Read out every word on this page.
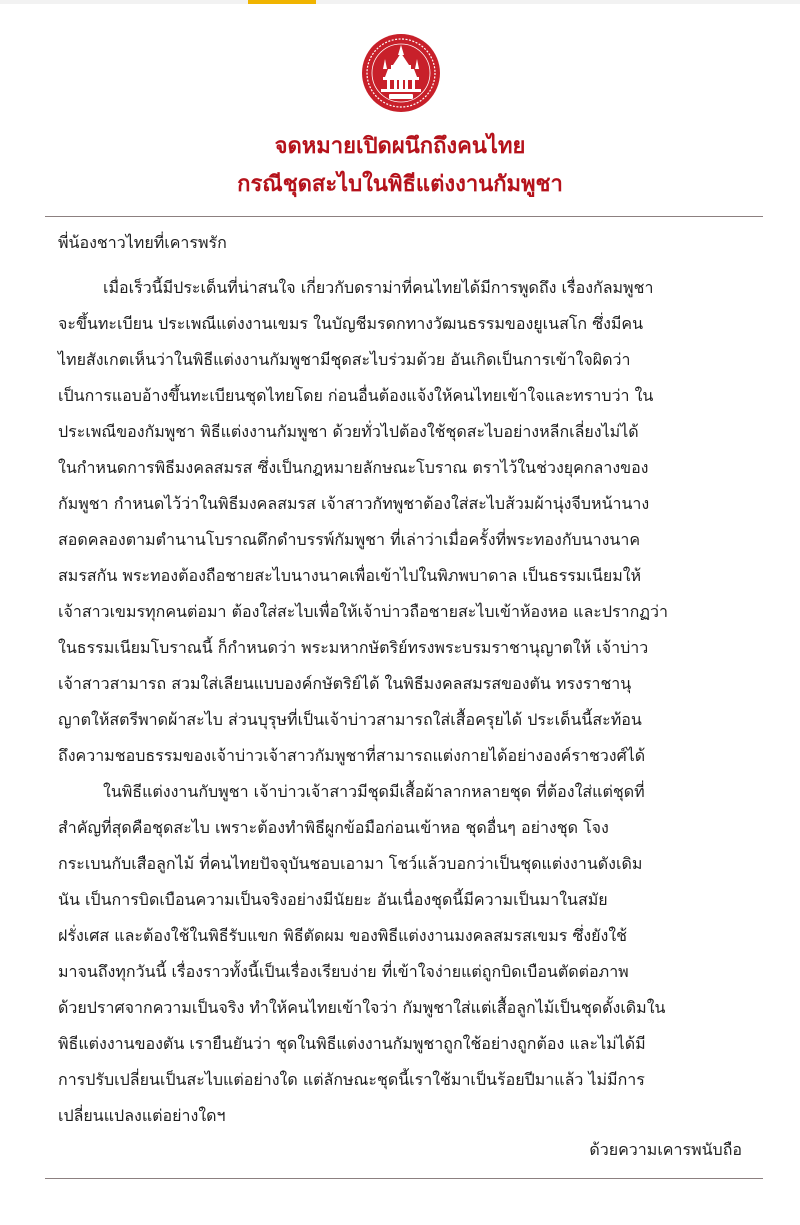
จดหมายเปิดผนึกถึงคนไทย
กรณีชุดสะไบในพิธีแต่งงานกัมพูชา
พี่น้องชาวไทยที่เคารพรัก
เมื่อเร็วนี้มีประเด็นที่น่าสนใจ เกี่ยวกับดราม่าที่คนไทยได้มีการพูดถึง เรื่องกัลมพูชา
จะขึ้นทะเบียน ประเพณีแต่งงานเขมร ในบัญชีมรดกทางวัฒนธรรมของยูเนสโก ซึ่งมีคน
ไทยสังเกตเห็นว่าในพิธีแต่งงานกัมพูชามีชุดสะไบร่วมด้วย อันเกิดเป็นการเข้าใจผิดว่า
เป็นการแอบอ้างขึ้นทะเบียนชุดไทยโดย ก่อนอื่นต้องแจ้งให้คนไทยเข้าใจและทราบว่า ใน
ประเพณีของกัมพูชา พิธีแต่งงานกัมพูชา ด้วยทั่วไปต้องใช้ชุดสะไบอย่างหลีกเลี่ยงไม่ได้
ในกำหนดการพิธีมงคลสมรส ซึ่งเป็นกฎหมายลักษณะโบราณ ตราไว้ในช่วงยุคกลางของ
กัมพูชา กำหนดไว้ว่าในพิธีมงคลสมรส เจ้าสาวกัทพูชาต้องใส่สะไบส้วมผ้านุ่งจีบหน้านาง
สอดคลองตามตำนานโบราณดึกดำบรรพ์กัมพูชา ที่เล่าว่าเมื่อครั้งที่พระทองกับนางนาค
สมรสกัน พระทองต้องถือชายสะไบนางนาคเพื่อเข้าไปในพิภพบาดาล เป็นธรรมเนียมให้
เจ้าสาวเขมรทุกคนต่อมา ต้องใส่สะไบเพื่อให้เจ้าบ่าวถือชายสะไบเข้าห้องหอ และปรากฏว่า
ในธรรมเนียมโบราณนี้ ก็กำหนดว่า พระมหากษัตริย์ทรงพระบรมราชานุญาตให้ เจ้าบ่าว
เจ้าสาวสามารถ สวมใส่เลียนแบบองค์กษัตริย์ได้ ในพิธีมงคลสมรสของตัน ทรงราชานุ
ญาตให้สตรีพาดผ้าสะไบ ส่วนบุรุษที่เป็นเจ้าบ่าวสามารถใส่เสื้อครุยได้ ประเด็นนี้สะท้อน
ถึงความชอบธรรมของเจ้าบ่าวเจ้าสาวกัมพูชาที่สามารถแต่งกายได้อย่างองค์ราชวงศ์ได้
ในพิธีแต่งงานกับพูชา เจ้าบ่าวเจ้าสาวมีชุดมีเสื้อผ้าลากหลายชุด ที่ต้องใส่แต่ชุดที่
สำคัญที่สุดคือชุดสะไบ เพราะต้องทำพิธีผูกข้อมือก่อนเข้าหอ ชุดอื่นๆ อย่างชุด โจง
กระเบนกับเสือลูกไม้ ที่คนไทยปัจจุบันชอบเอามา โชว์แล้วบอกว่าเป็นชุดแต่งงานดังเดิม
นัน เป็นการบิดเบือนความเป็นจริงอย่างมีนัยยะ อันเนื่องชุดนี้มีความเป็นมาในสมัย
ฝรั่งเศส และต้องใช้ในพิธีรับแขก พิธีตัดผม ของพิธีแต่งงานมงคลสมรสเขมร ซึ่งยังใช้
มาจนถึงทุกวันนี้ เรื่องราวทั้งนี้เป็นเรื่องเรียบง่าย ที่เข้าใจง่ายแต่ถูกบิดเบือนตัดต่อภาพ
ด้วยปราศจากความเป็นจริง ทำให้คนไทยเข้าใจว่า กัมพูชาใส่แต่เสื้อลูกไม้เป็นชุดดั้งเดิมใน
พิธีแต่งงานของตัน เรายืนยันว่า ชุดในพิธีแต่งงานกัมพูชาถูกใช้อย่างถูกต้อง และไม่ได้มี
การปรับเปลี่ยนเป็นสะไบแต่อย่างใด แต่ลักษณะชุดนี้เราใช้มาเป็นร้อยปีมาแล้ว ไม่มีการ
เปลี่ยนแปลงแต่อย่างใดฯ
ด้วยความเคารพนับถือ
